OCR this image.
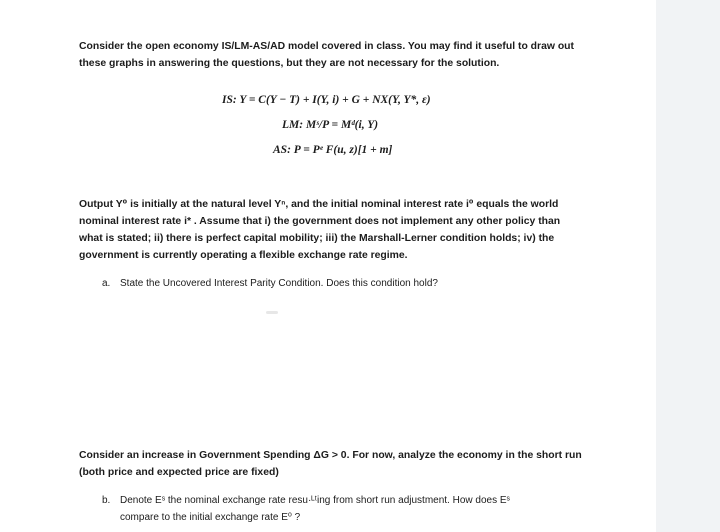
Consider the open economy IS/LM-AS/AD model covered in class. You may find it useful to draw out
these graphs in answering the questions, but they are not necessary for the solution.
IS: Y = C(Y − T) + I(Y, i) + G + NX(Y, Y*, ε)
LM: Mˢ/P = Mᵈ(i, Y)
AS: P = Pᵉ F(u, z)[1 + m]
Output Y⁰ is initially at the natural level Yⁿ, and the initial nominal interest rate i⁰ equals the world
nominal interest rate i* . Assume that i) the government does not implement any other policy than
what is stated; ii) there is perfect capital mobility; iii) the Marshall-Lerner condition holds; iv) the
government is currently operating a flexible exchange rate regime.
a. State the Uncovered Interest Parity Condition. Does this condition hold?
Consider an increase in Government Spending ΔG > 0. For now, analyze the economy in the short run
(both price and expected price are fixed)
b. Denote Eˢ the nominal exchange rate resu·ᴸᵗing from short run adjustment. How does Eˢ
compare to the initial exchange rate E⁰ ?
